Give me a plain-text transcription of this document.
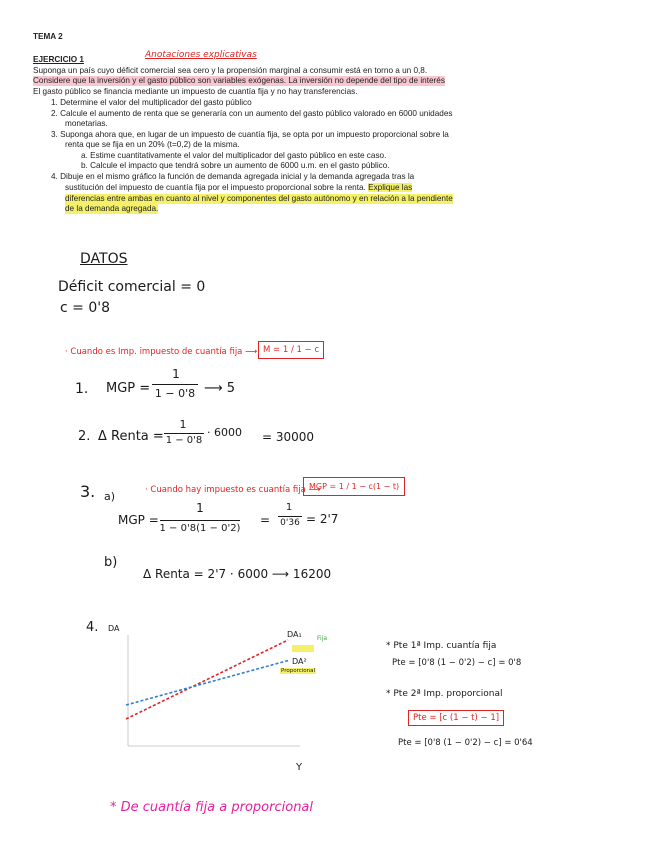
TEMA 2
EJERCICIO 1	Anotaciones explicativas
Suponga un país cuyo déficit comercial sea cero y la propensión marginal a consumir está en torno a un 0,8.
Considere que la inversión y el gasto público son variables exógenas. La inversión no depende del tipo de interés
El gasto público se financia mediante un impuesto de cuantía fija y no hay transferencias.
1. Determine el valor del multiplicador del gasto público
2. Calcule el aumento de renta que se generaría con un aumento del gasto público valorado en 6000 unidades
monetarias.
3. Suponga ahora que, en lugar de un impuesto de cuantía fija, se opta por un impuesto proporcional sobre la
renta que se fija en un 20% (t=0,2) de la misma.
a. Estime cuantitativamente el valor del multiplicador del gasto público en este caso.
b. Calcule el impacto que tendrá sobre un aumento de 6000 u.m. en el gasto público.
4. Dibuje en el mismo gráfico la función de demanda agregada inicial y la demanda agregada tras la
sustitución del impuesto de cuantía fija por el impuesto proporcional sobre la renta. Explique las
diferencias entre ambas en cuanto al nivel y componentes del gasto autónomo y en relación a la pendiente
de la demanda agregada.
DATOS
Déficit comercial = 0
c = 0'8
· Cuando es Imp. impuesto de cuantía fija ⟶ M = 1 / 1 − c
1. MGP =
1
1 − 0'8 ⟶ 5
2. Δ Renta =
1
1 − 0'8
· 6000 = 30000
3. a)	· Cuando hay impuesto es cuantía fija ⟶
MGP = 1 / 1 − c(1 − t)
MGP =
1
1 − 0'8(1 − 0'2)
=
1
0'36 = 2'7
b)
Δ Renta = 2'7 · 6000 ⟶ 16200
4. DA
DA₁	Fija
DA²
Proporcional
Y
* Pte 1ª Imp. cuantía fija
Pte = [0'8 (1 − 0'2) − c] = 0'8
* Pte 2ª Imp. proporcional
Pte = [c (1 − t) − 1]
Pte = [0'8 (1 − 0'2) − c] = 0'64
* De cuantía fija a proporcional
